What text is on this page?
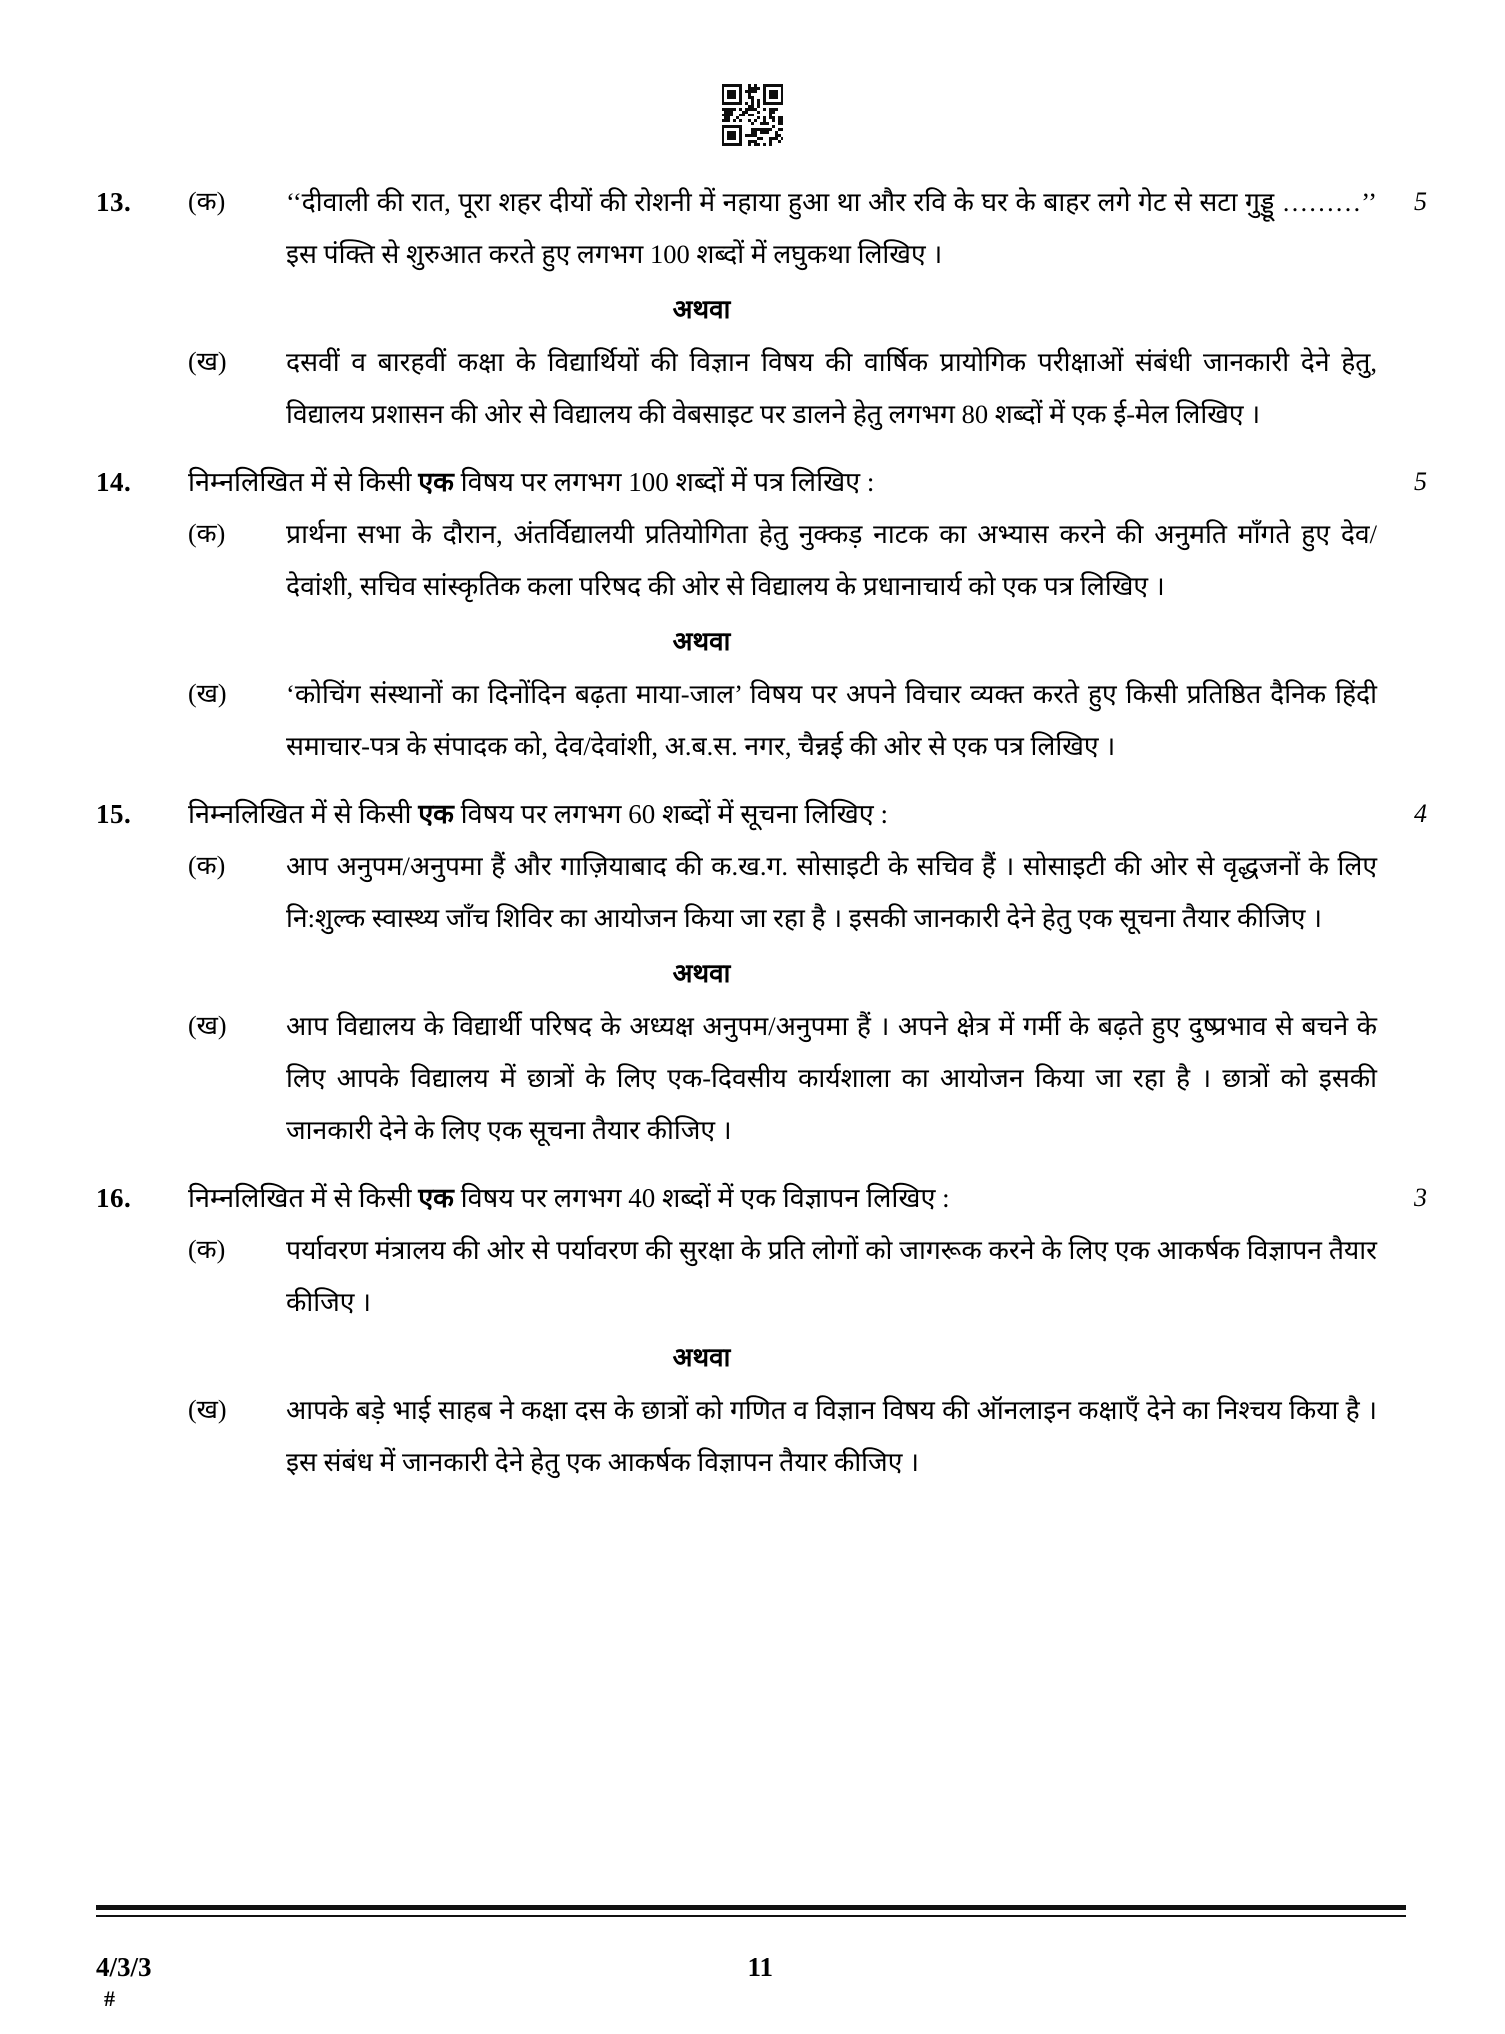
13.	(क)	‘‘दीवाली की रात, पूरा शहर दीयों की रोशनी में नहाया हुआ था और रवि के घर के बाहर लगे गेट से सटा गुड्डू ………’’ इस पंक्ति से शुरुआत करते हुए लगभग 100 शब्दों में लघुकथा लिखिए ।
5
अथवा
(ख)	दसवीं व बारहवीं कक्षा के विद्यार्थियों की विज्ञान विषय की वार्षिक प्रायोगिक परीक्षाओं संबंधी जानकारी देने हेतु, विद्यालय प्रशासन की ओर से विद्यालय की वेबसाइट पर डालने हेतु लगभग 80 शब्दों में एक ई-मेल लिखिए ।
14.	निम्नलिखित में से किसी एक विषय पर लगभग 100 शब्दों में पत्र लिखिए :	5
(क)	प्रार्थना सभा के दौरान, अंतर्विद्यालयी प्रतियोगिता हेतु नुक्कड़ नाटक का अभ्यास करने की अनुमति माँगते हुए देव/देवांशी, सचिव सांस्कृतिक कला परिषद की ओर से विद्यालय के प्रधानाचार्य को एक पत्र लिखिए ।
अथवा
(ख)	‘कोचिंग संस्थानों का दिनोंदिन बढ़ता माया-जाल’ विषय पर अपने विचार व्यक्त करते हुए किसी प्रतिष्ठित दैनिक हिंदी समाचार-पत्र के संपादक को, देव/देवांशी, अ.ब.स. नगर, चैन्नई की ओर से एक पत्र लिखिए ।
15.	निम्नलिखित में से किसी एक विषय पर लगभग 60 शब्दों में सूचना लिखिए :	4
(क)	आप अनुपम/अनुपमा हैं और गाज़ियाबाद की क.ख.ग. सोसाइटी के सचिव हैं । सोसाइटी की ओर से वृद्धजनों के लिए नि:शुल्क स्वास्थ्य जाँच शिविर का आयोजन किया जा रहा है । इसकी जानकारी देने हेतु एक सूचना तैयार कीजिए ।
अथवा
(ख)	आप विद्यालय के विद्यार्थी परिषद के अध्यक्ष अनुपम/अनुपमा हैं । अपने क्षेत्र में गर्मी के बढ़ते हुए दुष्प्रभाव से बचने के लिए आपके विद्यालय में छात्रों के लिए एक-दिवसीय कार्यशाला का आयोजन किया जा रहा है । छात्रों को इसकी जानकारी देने के लिए एक सूचना तैयार कीजिए ।
16.	निम्नलिखित में से किसी एक विषय पर लगभग 40 शब्दों में एक विज्ञापन लिखिए :	3
(क)	पर्यावरण मंत्रालय की ओर से पर्यावरण की सुरक्षा के प्रति लोगों को जागरूक करने के लिए एक आकर्षक विज्ञापन तैयार कीजिए ।
अथवा
(ख)	आपके बड़े भाई साहब ने कक्षा दस के छात्रों को गणित व विज्ञान विषय की ऑनलाइन कक्षाएँ देने का निश्चय किया है । इस संबंध में जानकारी देने हेतु एक आकर्षक विज्ञापन तैयार कीजिए ।
4/3/3	11
#
